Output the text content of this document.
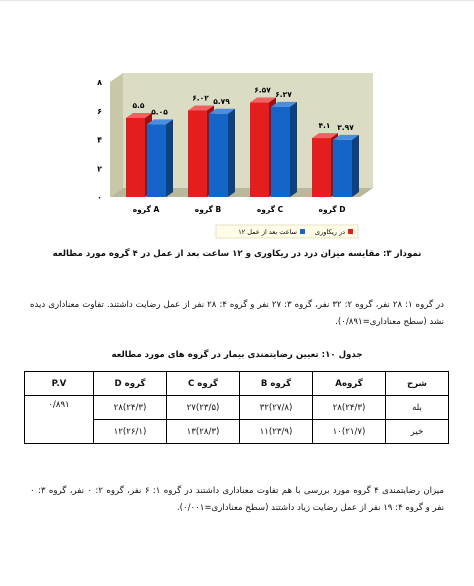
۰
۲
۴
۶
۸
۵.۵
۵.۰۵
گروه A
۶.۰۲ ۵.۷۹
گروه B
۶.۵۷ ۶.۲۷
گروه C
۴.۱ ۳.۹۷
گروه D
در ریکاوری
۱۲ ساعت بعد از عمل
نمودار ۳: مقایسه میزان درد در ریکاوری و ۱۲ ساعت بعد از عمل در ۴ گروه مورد مطالعه
در گروه ۱: ۲۸ نفر، گروه ۲: ۳۲ نفر، گروه ۳: ۲۷ نفر و گروه ۴: ۲۸ نفر از عمل رضایت داشتند. تفاوت معناداری دیده نشد (سطح معناداری=۰/۸۹۱).
جدول ۱۰: تعیین رضایتمندی بیمار در گروه های مورد مطالعه
شرح	گروهA	گروه B	گروه C	گروه D	P.V
بله	(۲۴/۳)۲۸	(۲۷/۸)۳۲	(۲۳/۵)۲۷	(۲۴/۳)۲۸	۰/۸۹۱
خیر	(۲۱/۷)۱۰	(۲۳/۹)۱۱	(۲۸/۳)۱۳	(۲۶/۱)۱۲	
میزان رضایتمندی ۴ گروه مورد بررسی با هم تفاوت معناداری داشتند در گروه ۱: ۶ نفر، گروه ۲: ۰ نفر، گروه ۳: ۰ نفر و گروه ۴: ۱۹ نفر از عمل رضایت زیاد داشتند (سطح معناداری=۰/۰۰۱).
